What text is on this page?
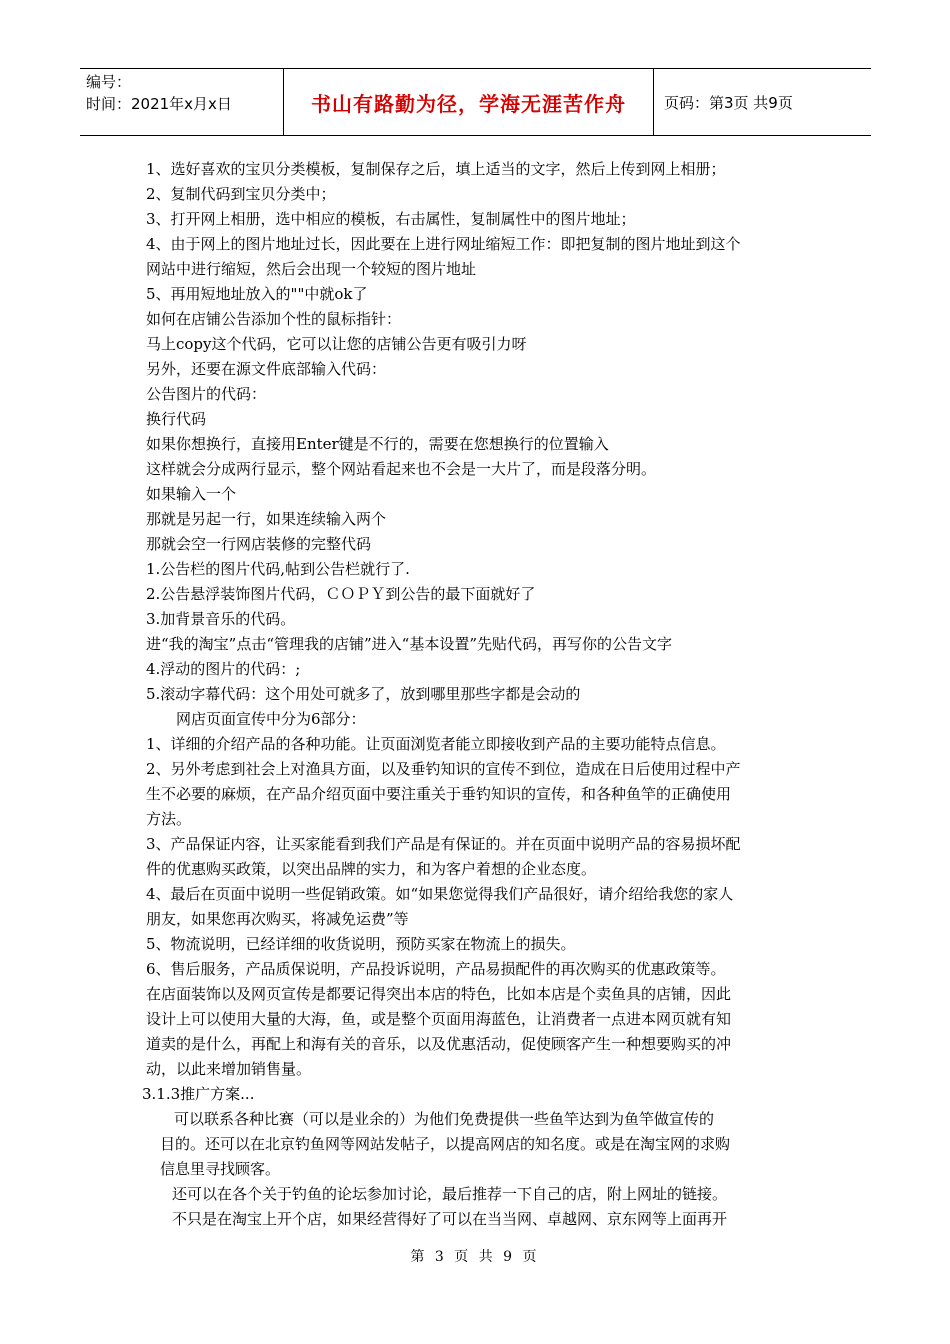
编号：
时间：2021年x月x日	书山有路勤为径，学海无涯苦作舟	页码：第3页 共9页
1、选好喜欢的宝贝分类模板，复制保存之后，填上适当的文字，然后上传到网上相册；
2、复制代码到宝贝分类中；
3、打开网上相册，选中相应的模板，右击属性，复制属性中的图片地址；
4、由于网上的图片地址过长，因此要在上进行网址缩短工作：即把复制的图片地址到这个
网站中进行缩短，然后会出现一个较短的图片地址
5、再用短地址放入的""中就ok了
如何在店铺公告添加个性的鼠标指针：
马上copy这个代码，它可以让您的店铺公告更有吸引力呀
另外，还要在源文件底部输入代码：
公告图片的代码：
换行代码
如果你想换行，直接用Enter键是不行的，需要在您想换行的位置输入
这样就会分成两行显示，整个网站看起来也不会是一大片了，而是段落分明。
如果输入一个
那就是另起一行，如果连续输入两个
那就会空一行网店装修的完整代码
1.公告栏的图片代码,帖到公告栏就行了.
2.公告悬浮装饰图片代码，ＣＯＰＹ到公告的最下面就好了
3.加背景音乐的代码。
进“我的淘宝”点击“管理我的店铺”进入“基本设置”先贴代码，再写你的公告文字
4.浮动的图片的代码：;
5.滚动字幕代码：这个用处可就多了，放到哪里那些字都是会动的
网店页面宣传中分为6部分：
1、详细的介绍产品的各种功能。让页面浏览者能立即接收到产品的主要功能特点信息。
2、另外考虑到社会上对渔具方面，以及垂钓知识的宣传不到位，造成在日后使用过程中产
生不必要的麻烦，在产品介绍页面中要注重关于垂钓知识的宣传，和各种鱼竿的正确使用
方法。
3、产品保证内容，让买家能看到我们产品是有保证的。并在页面中说明产品的容易损坏配
件的优惠购买政策，以突出品牌的实力，和为客户着想的企业态度。
4、最后在页面中说明一些促销政策。如“如果您觉得我们产品很好，请介绍给我您的家人
朋友，如果您再次购买，将减免运费”等
5、物流说明，已经详细的收货说明，预防买家在物流上的损失。
6、售后服务，产品质保说明，产品投诉说明，产品易损配件的再次购买的优惠政策等。
在店面装饰以及网页宣传是都要记得突出本店的特色，比如本店是个卖鱼具的店铺，因此
设计上可以使用大量的大海，鱼，或是整个页面用海蓝色，让消费者一点进本网页就有知
道卖的是什么，再配上和海有关的音乐，以及优惠活动，促使顾客产生一种想要购买的冲
动，以此来增加销售量。
3.1.3推广方案...
可以联系各种比赛（可以是业余的）为他们免费提供一些鱼竿达到为鱼竿做宣传的
目的。还可以在北京钓鱼网等网站发帖子，以提高网店的知名度。或是在淘宝网的求购
信息里寻找顾客。
还可以在各个关于钓鱼的论坛参加讨论，最后推荐一下自己的店，附上网址的链接。
不只是在淘宝上开个店，如果经营得好了可以在当当网、卓越网、京东网等上面再开
第 3 页 共 9 页
